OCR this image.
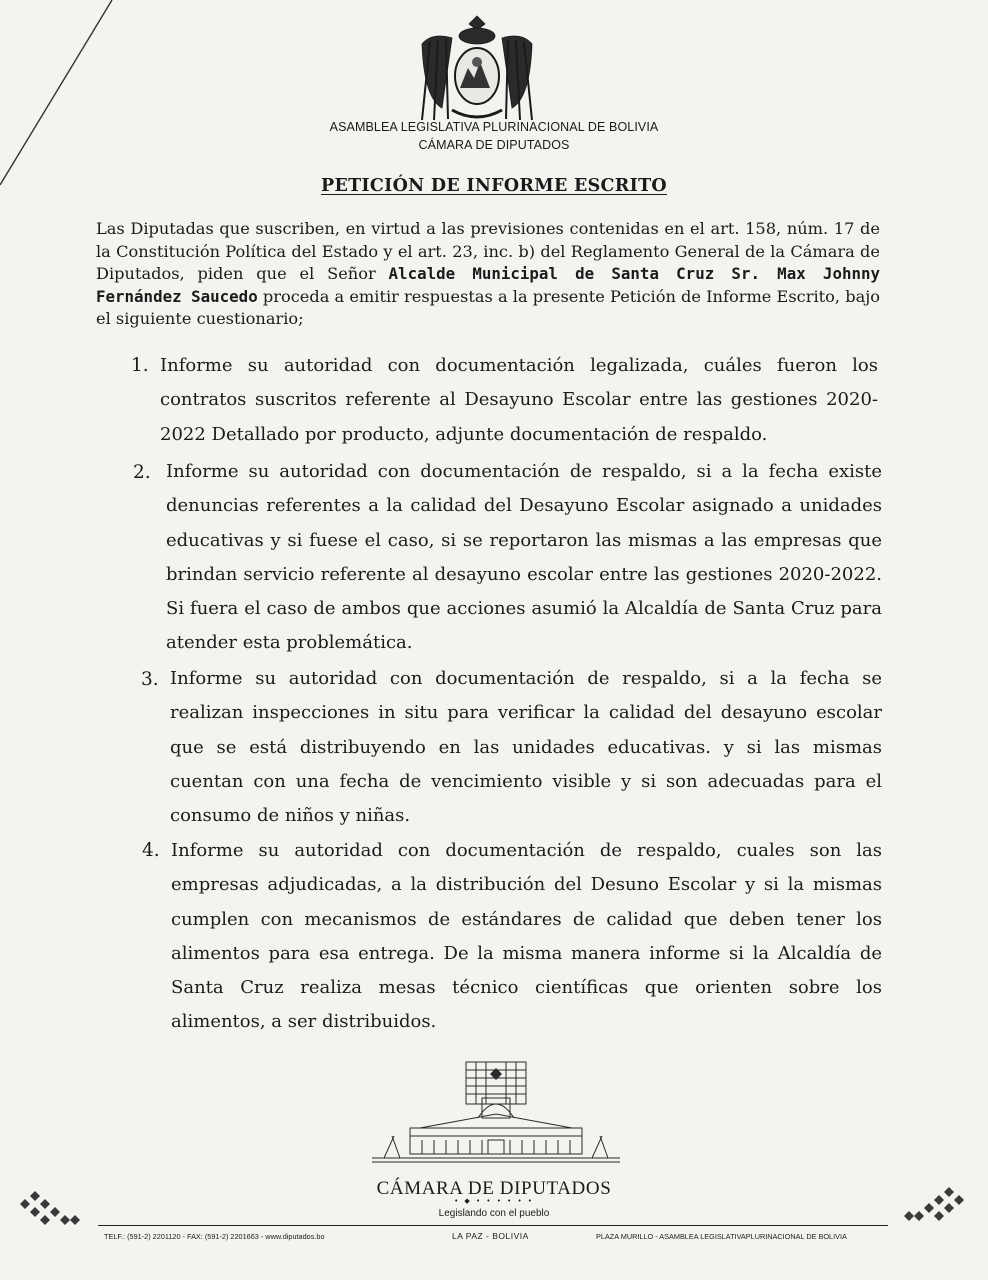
ASAMBLEA LEGISLATIVA PLURINACIONAL DE BOLIVIA
CÁMARA DE DIPUTADOS
PETICIÓN DE INFORME ESCRITO
Las Diputadas que suscriben, en virtud a las previsiones contenidas en el art. 158, núm. 17 de la Constitución Política del Estado y el art. 23, inc. b) del Reglamento General de la Cámara de Diputados, piden que el Señor Alcalde Municipal de Santa Cruz Sr. Max Johnny Fernández Saucedo proceda a emitir respuestas a la presente Petición de Informe Escrito, bajo el siguiente cuestionario;
1. Informe su autoridad con documentación legalizada, cuáles fueron los contratos suscritos referente al Desayuno Escolar entre las gestiones 2020- 2022 Detallado por producto, adjunte documentación de respaldo.
2. Informe su autoridad con documentación de respaldo, si a la fecha existe denuncias referentes a la calidad del Desayuno Escolar asignado a unidades educativas y si fuese el caso, si se reportaron las mismas a las empresas que brindan servicio referente al desayuno escolar entre las gestiones 2020-2022. Si fuera el caso de ambos que acciones asumió la Alcaldía de Santa Cruz para atender esta problemática.
3. Informe su autoridad con documentación de respaldo, si a la fecha se realizan inspecciones in situ para verificar la calidad del desayuno escolar que se está distribuyendo en las unidades educativas. y si las mismas cuentan con una fecha de vencimiento visible y si son adecuadas para el consumo de niños y niñas.
4. Informe su autoridad con documentación de respaldo, cuales son las empresas adjudicadas, a la distribución del Desuno Escolar y si la mismas cumplen con mecanismos de estándares de calidad que deben tener los alimentos para esa entrega. De la misma manera informe si la Alcaldía de Santa Cruz realiza mesas técnico científicas que orienten sobre los alimentos, a ser distribuidos.
CÁMARA DE DIPUTADOS
• ◆ • • • • • •
Legislando con el pueblo
TELF.: (591-2) 2201120 - FAX: (591-2) 2201663 - www.diputados.bo	LA PAZ - BOLIVIA	PLAZA MURILLO - ASAMBLEA LEGISLATIVAPLURINACIONAL DE BOLIVIA
